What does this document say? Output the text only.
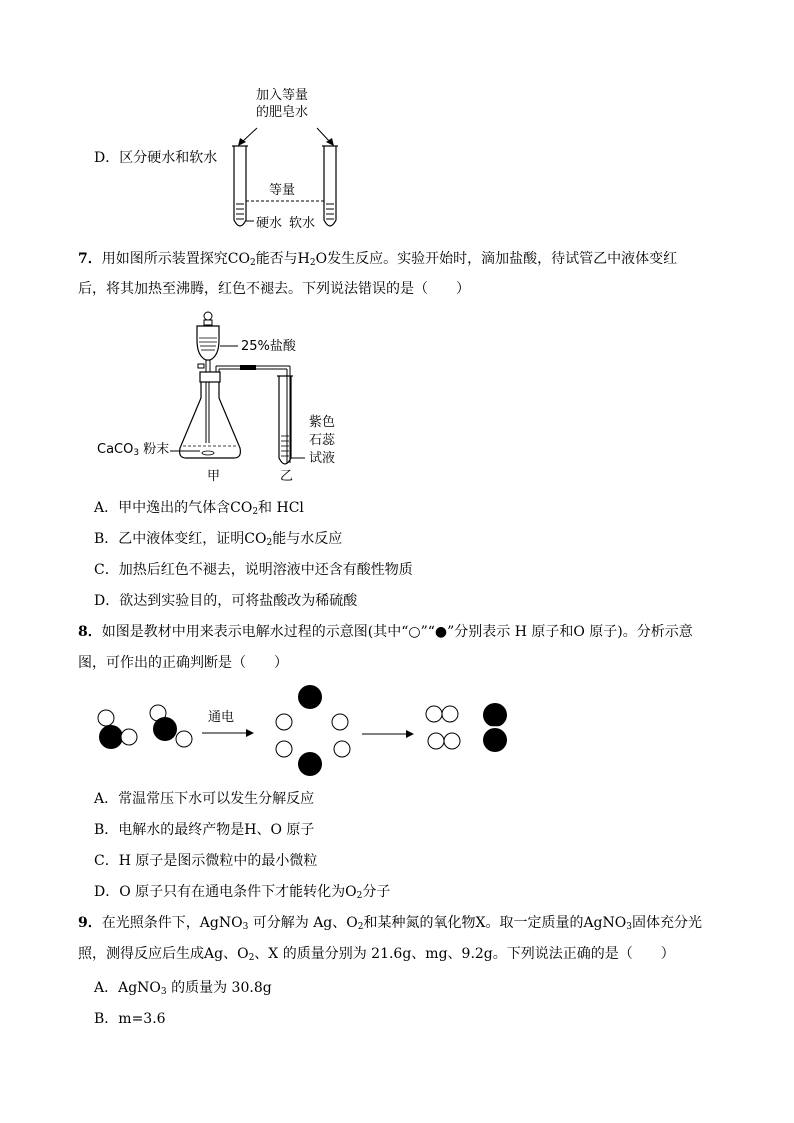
D．区分硬水和软水
加入等量
的肥皂水
等量
硬水 软水
7．用如图所示装置探究$CO_2$能否与$H_2O$发生反应。实验开始时，滴加盐酸，待试管乙中液体变红
后，将其加热至沸腾，红色不褪去。下列说法错误的是（　　）
25%盐酸
CaCO$_3$ 粉末
甲	乙
紫色
石蕊
试液
A．甲中逸出的气体含$CO_2$和 HCl
B．乙中液体变红，证明$CO_2$能与水反应
C．加热后红色不褪去，说明溶液中还含有酸性物质
D．欲达到实验目的，可将盐酸改为稀硫酸
8．如图是教材中用来表示电解水过程的示意图(其中“○”“●”分别表示 H 原子和O 原子)。分析示意
图，可作出的正确判断是（　　）
通电
A．常温常压下水可以发生分解反应
B．电解水的最终产物是H、O 原子
C．H 原子是图示微粒中的最小微粒
D．O 原子只有在通电条件下才能转化为$O_2$分子
9．在光照条件下，AgNO$_3$ 可分解为 Ag、$O_2$和某种氮的氧化物X。取一定质量的AgNO$_3$固体充分光
照，测得反应后生成Ag、$O_2$、X 的质量分别为 21.6g、mg、9.2g。下列说法正确的是（　　）
A．AgNO$_3$ 的质量为 30.8g
B．m=3.6
